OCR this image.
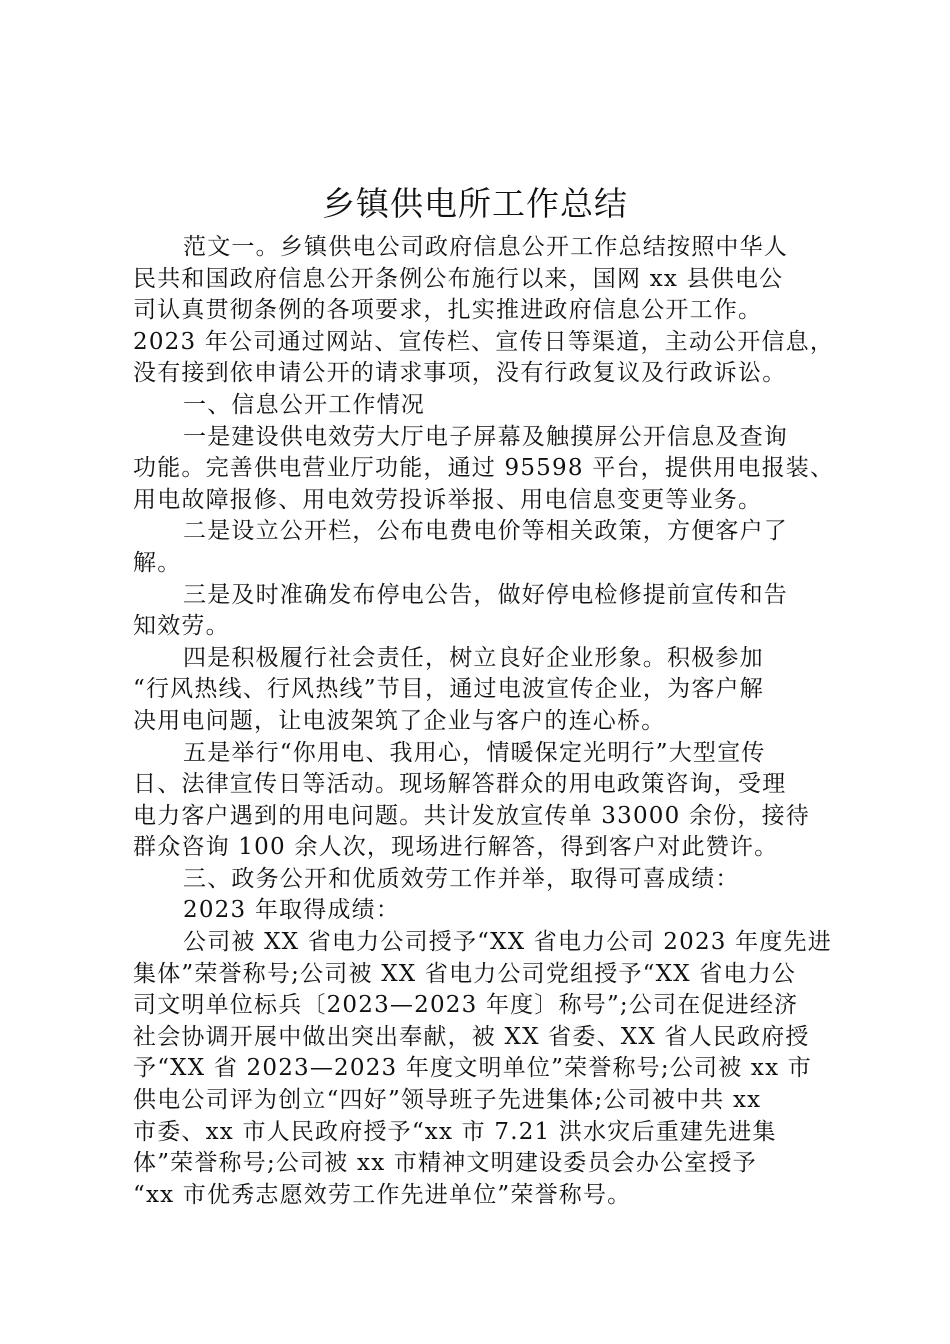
乡镇供电所工作总结
范文一。乡镇供电公司政府信息公开工作总结按照中华人
民共和国政府信息公开条例公布施行以来，国网 xx 县供电公
司认真贯彻条例的各项要求，扎实推进政府信息公开工作。
2023 年公司通过网站、宣传栏、宣传日等渠道，主动公开信息，
没有接到依申请公开的请求事项，没有行政复议及行政诉讼。
一、信息公开工作情况
一是建设供电效劳大厅电子屏幕及触摸屏公开信息及查询
功能。完善供电营业厅功能，通过 95598 平台，提供用电报装、
用电故障报修、用电效劳投诉举报、用电信息变更等业务。
二是设立公开栏，公布电费电价等相关政策，方便客户了
解。
三是及时准确发布停电公告，做好停电检修提前宣传和告
知效劳。
四是积极履行社会责任，树立良好企业形象。积极参加
“行风热线、行风热线”节目，通过电波宣传企业，为客户解
决用电问题，让电波架筑了企业与客户的连心桥。
五是举行“你用电、我用心，情暖保定光明行”大型宣传
日、法律宣传日等活动。现场解答群众的用电政策咨询，受理
电力客户遇到的用电问题。共计发放宣传单 33000 余份，接待
群众咨询 100 余人次，现场进行解答，得到客户对此赞许。
三、政务公开和优质效劳工作并举，取得可喜成绩：
2023 年取得成绩：
公司被 XX 省电力公司授予“XX 省电力公司 2023 年度先进
集体”荣誉称号;公司被 XX 省电力公司党组授予“XX 省电力公
司文明单位标兵〔2023—2023 年度〕称号”;公司在促进经济
社会协调开展中做出突出奉献，被 XX 省委、XX 省人民政府授
予“XX 省 2023—2023 年度文明单位”荣誉称号;公司被 xx 市
供电公司评为创立“四好”领导班子先进集体;公司被中共 xx
市委、xx 市人民政府授予“xx 市 7.21 洪水灾后重建先进集
体”荣誉称号;公司被 xx 市精神文明建设委员会办公室授予
“xx 市优秀志愿效劳工作先进单位”荣誉称号。
